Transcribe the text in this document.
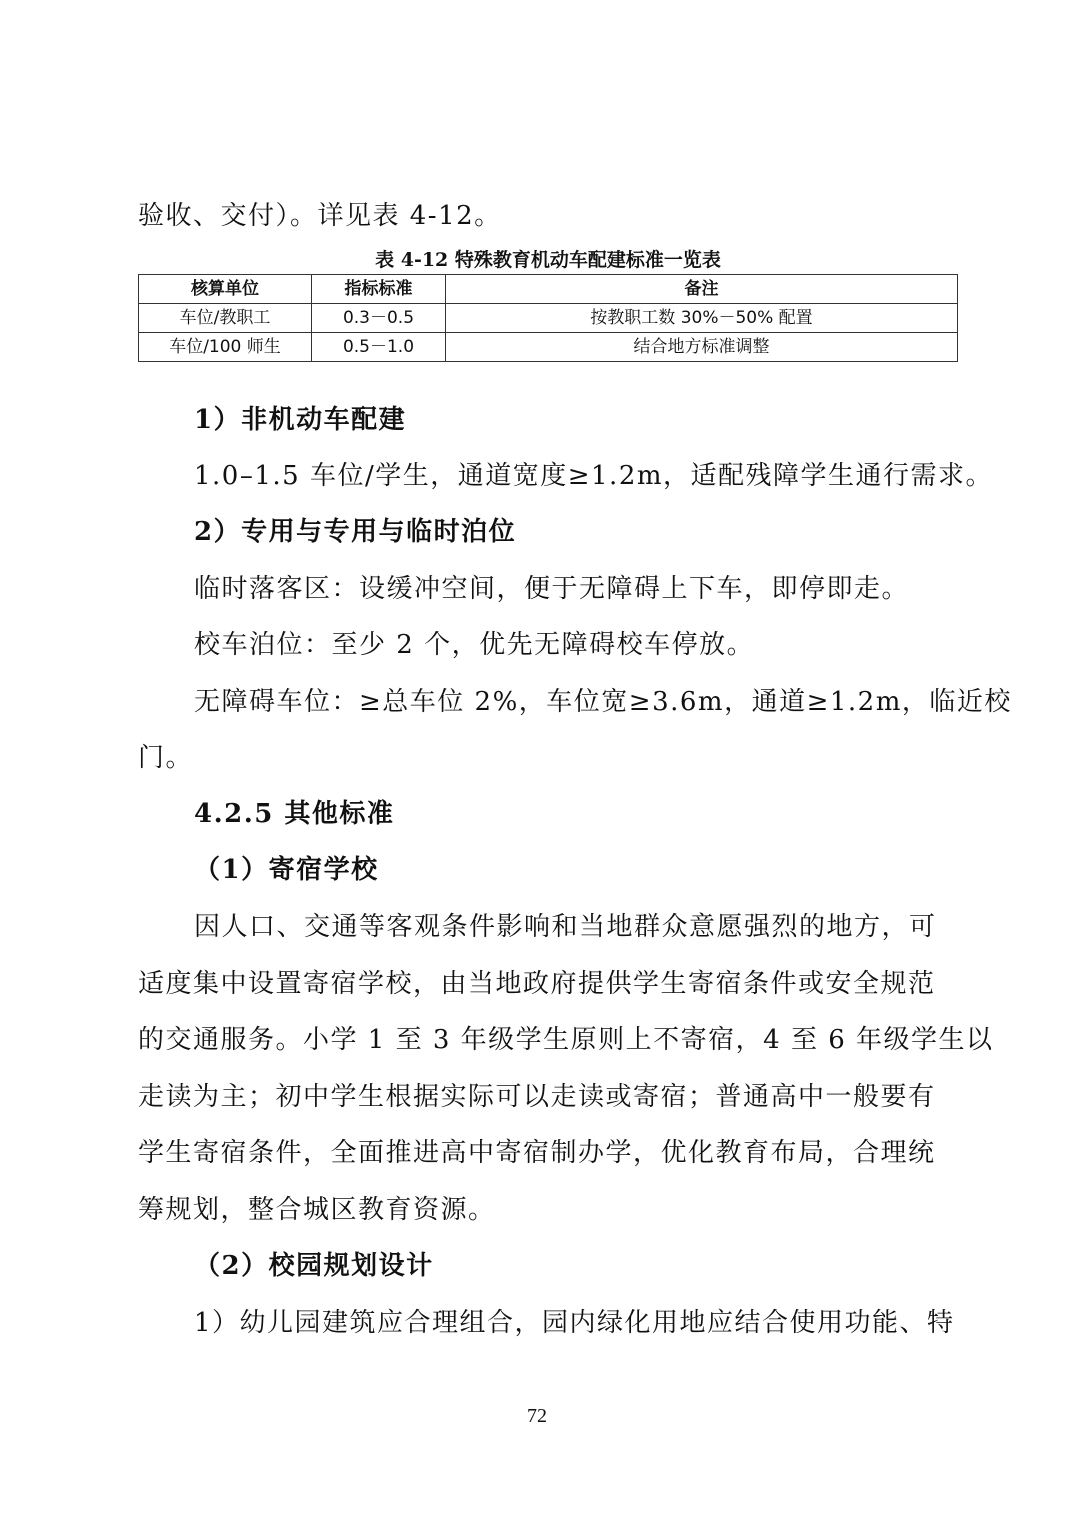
验收、交付）。详见表 4-12。
表 4-12 特殊教育机动车配建标准一览表
核算单位	指标标准	备注
车位/教职工	0.3－0.5	按教职工数 30%－50% 配置
车位/100 师生	0.5－1.0	结合地方标准调整
1）非机动车配建
1.0–1.5 车位/学生，通道宽度≥1.2m，适配残障学生通行需求。
2）专用与专用与临时泊位
临时落客区：设缓冲空间，便于无障碍上下车，即停即走。
校车泊位：至少 2 个，优先无障碍校车停放。
无障碍车位：≥总车位 2%，车位宽≥3.6m，通道≥1.2m，临近校
门。
4.2.5 其他标准
（1）寄宿学校
因人口、交通等客观条件影响和当地群众意愿强烈的地方，可
适度集中设置寄宿学校，由当地政府提供学生寄宿条件或安全规范
的交通服务。小学 1 至 3 年级学生原则上不寄宿，4 至 6 年级学生以
走读为主；初中学生根据实际可以走读或寄宿；普通高中一般要有
学生寄宿条件，全面推进高中寄宿制办学，优化教育布局，合理统
筹规划，整合城区教育资源。
（2）校园规划设计
1）幼儿园建筑应合理组合，园内绿化用地应结合使用功能、特
72
